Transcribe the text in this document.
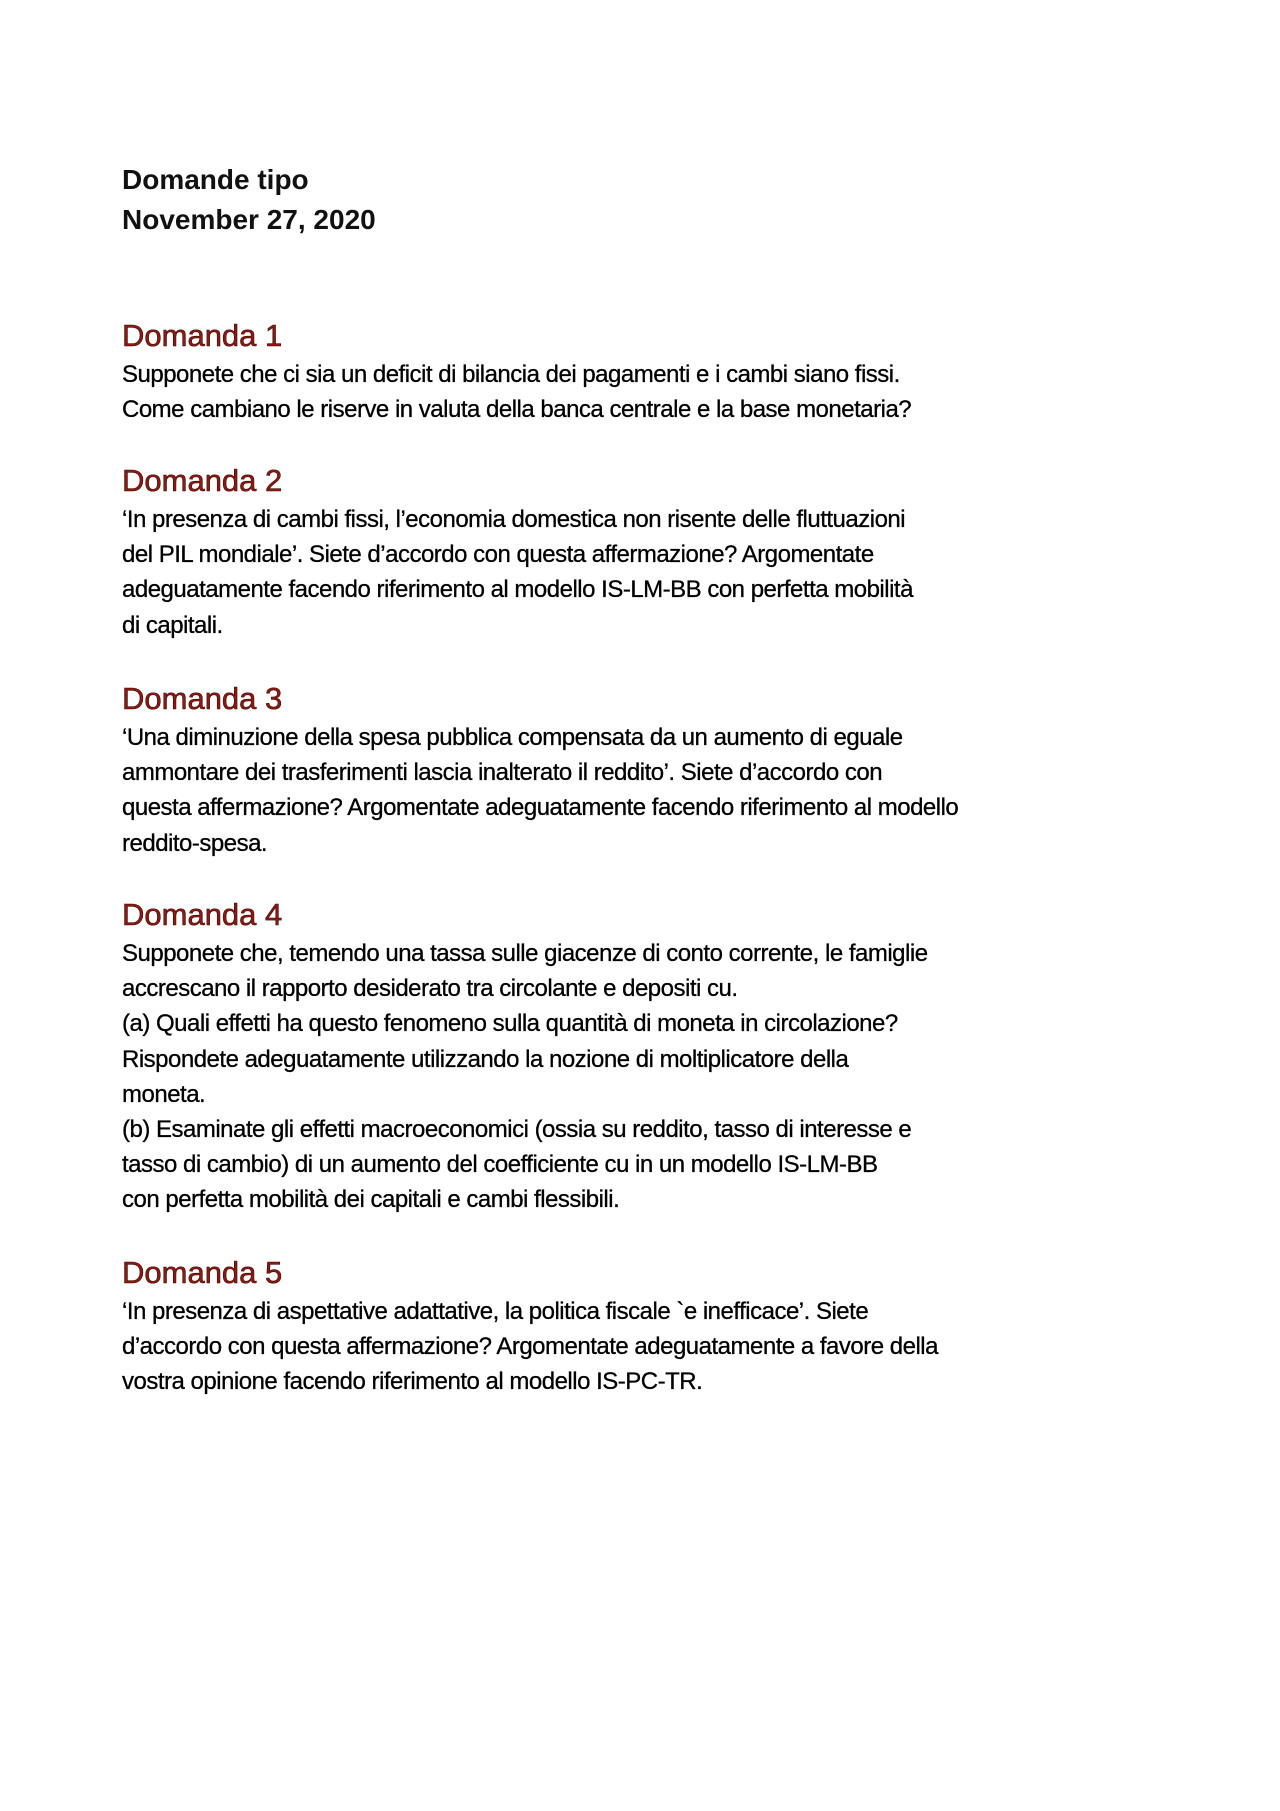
Domande tipo
November 27, 2020
Domanda 1
Supponete che ci sia un deficit di bilancia dei pagamenti e i cambi siano fissi.
Come cambiano le riserve in valuta della banca centrale e la base monetaria?
Domanda 2
‘In presenza di cambi fissi, l’economia domestica non risente delle fluttuazioni
del PIL mondiale’. Siete d’accordo con questa affermazione? Argomentate
adeguatamente facendo riferimento al modello IS-LM-BB con perfetta mobilità
di capitali.
Domanda 3
‘Una diminuzione della spesa pubblica compensata da un aumento di eguale
ammontare dei trasferimenti lascia inalterato il reddito’. Siete d’accordo con
questa affermazione? Argomentate adeguatamente facendo riferimento al modello
reddito-spesa.
Domanda 4
Supponete che, temendo una tassa sulle giacenze di conto corrente, le famiglie
accrescano il rapporto desiderato tra circolante e depositi cu.
(a) Quali effetti ha questo fenomeno sulla quantità di moneta in circolazione?
Rispondete adeguatamente utilizzando la nozione di moltiplicatore della
moneta.
(b) Esaminate gli effetti macroeconomici (ossia su reddito, tasso di interesse e
tasso di cambio) di un aumento del coefficiente cu in un modello IS-LM-BB
con perfetta mobilità dei capitali e cambi flessibili.
Domanda 5
‘In presenza di aspettative adattative, la politica fiscale `e inefficace’. Siete
d’accordo con questa affermazione? Argomentate adeguatamente a favore della
vostra opinione facendo riferimento al modello IS-PC-TR.
